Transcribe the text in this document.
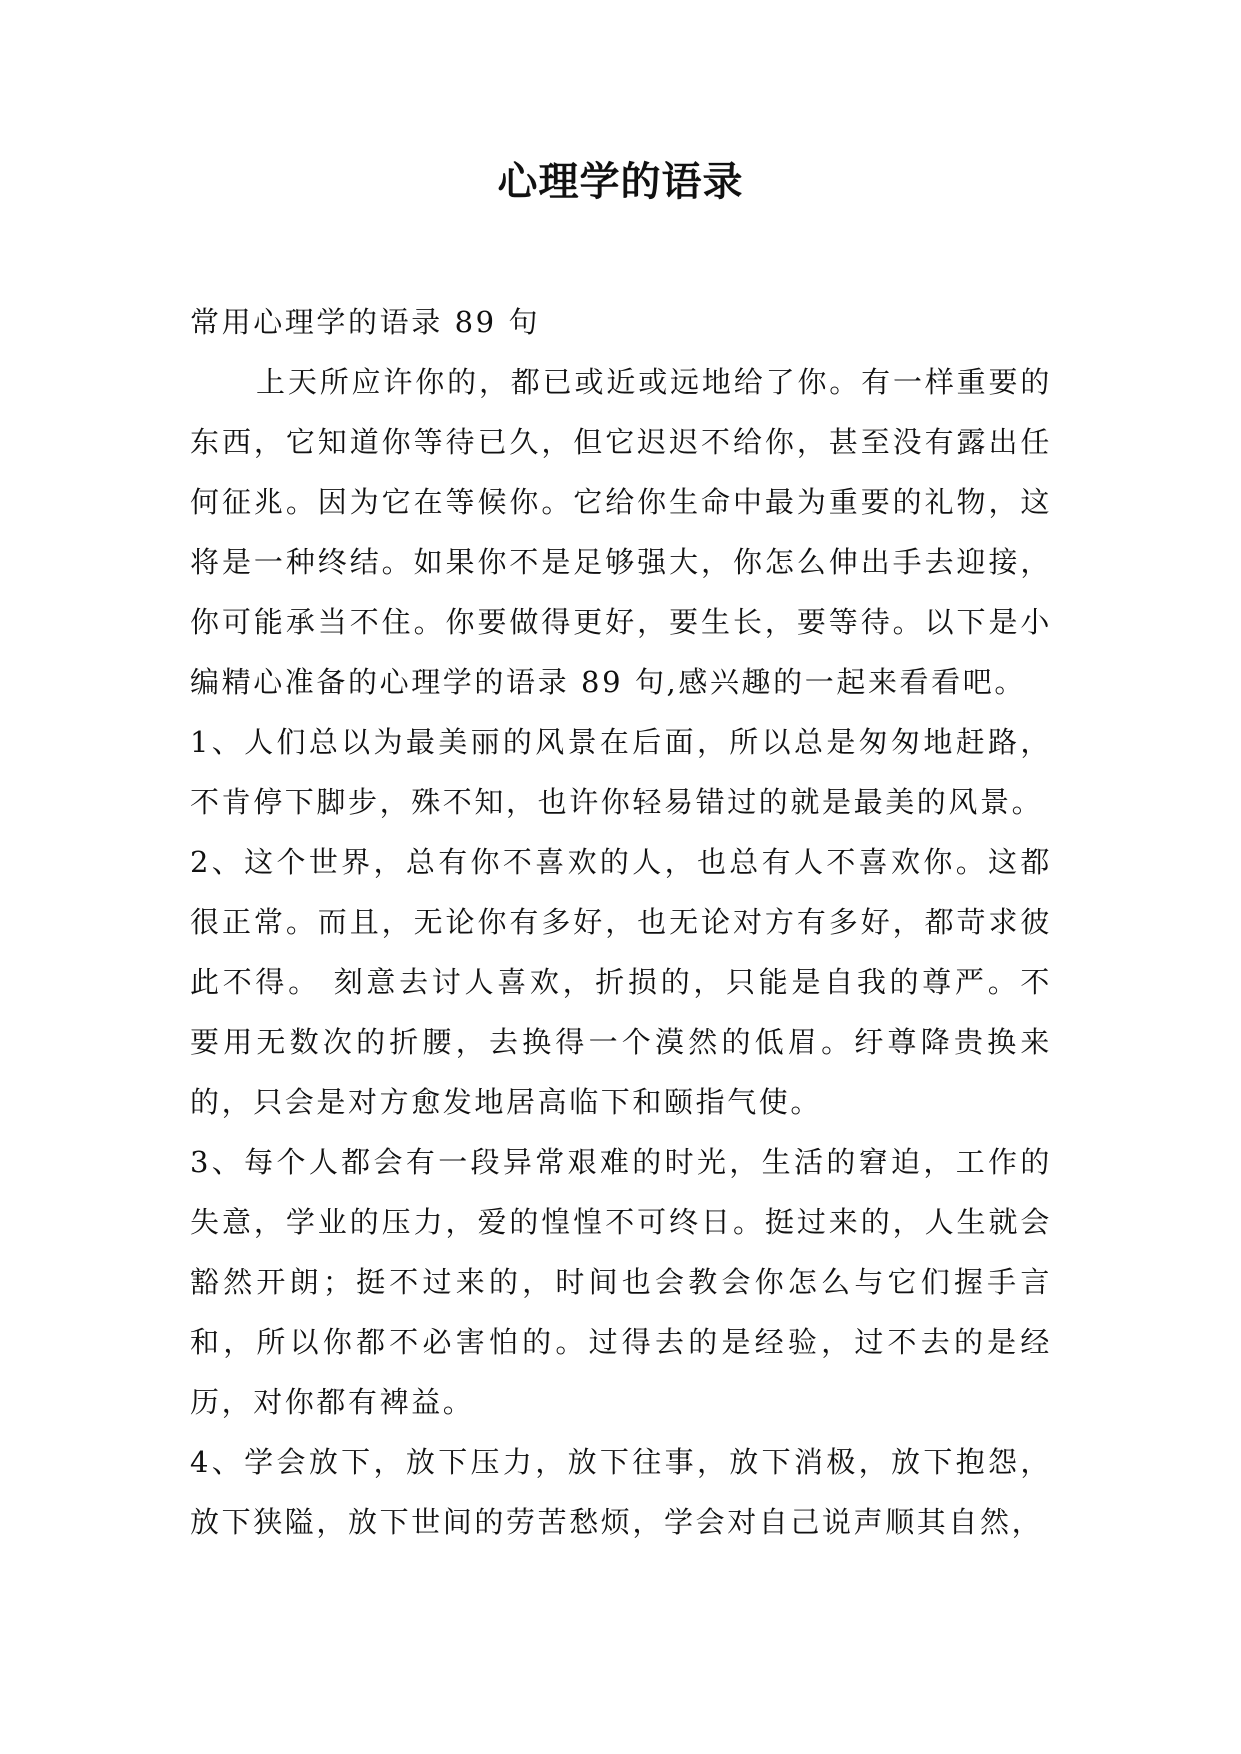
心理学的语录

常用心理学的语录 89 句

上天所应许你的，都已或近或远地给了你。有一样重要的东西，它知道你等待已久，但它迟迟不给你，甚至没有露出任何征兆。因为它在等候你。它给你生命中最为重要的礼物，这将是一种终结。如果你不是足够强大，你怎么伸出手去迎接，你可能承当不住。你要做得更好，要生长，要等待。以下是小编精心准备的心理学的语录 89 句,感兴趣的一起来看看吧。

1、人们总以为最美丽的风景在后面，所以总是匆匆地赶路，不肯停下脚步，殊不知，也许你轻易错过的就是最美的风景。

2、这个世界，总有你不喜欢的人，也总有人不喜欢你。这都很正常。而且，无论你有多好，也无论对方有多好，都苛求彼此不得。 刻意去讨人喜欢，折损的，只能是自我的尊严。不要用无数次的折腰，去换得一个漠然的低眉。纡尊降贵换来的，只会是对方愈发地居高临下和颐指气使。

3、每个人都会有一段异常艰难的时光，生活的窘迫，工作的失意，学业的压力，爱的惶惶不可终日。挺过来的，人生就会豁然开朗；挺不过来的，时间也会教会你怎么与它们握手言和，所以你都不必害怕的。过得去的是经验，过不去的是经历，对你都有裨益。

4、学会放下，放下压力，放下往事，放下消极，放下抱怨，放下狭隘，放下世间的劳苦愁烦，学会对自己说声顺其自然，
